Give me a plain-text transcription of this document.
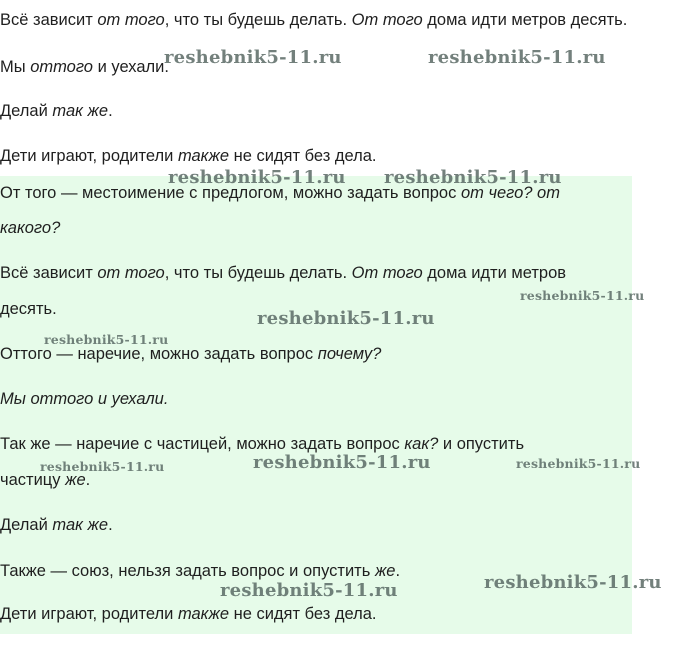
Всё зависит от того, что ты будешь делать. От того дома идти метров десять.

Мы оттого и уехали.

Делай так же.

Дети играют, родители также не сидят без дела.

От того — местоимение с предлогом, можно задать вопрос от чего? от

какого?

Всё зависит от того, что ты будешь делать. От того дома идти метров

десять.

Оттого — наречие, можно задать вопрос почему?

Мы оттого и уехали.

Так же — наречие с частицей, можно задать вопрос как? и опустить

частицу же.

Делай так же.

Также — союз, нельзя задать вопрос и опустить же.

Дети играют, родители также не сидят без дела.

reshebnik5-11.ru	reshebnik5-11.ru
reshebnik5-11.ru reshebnik5-11.ru
reshebnik5-11.ru
reshebnik5-11.ru
reshebnik5-11.ru
reshebnik5-11.ru
reshebnik5-11.ru	reshebnik5-11.ru
reshebnik5-11.ru
reshebnik5-11.ru
